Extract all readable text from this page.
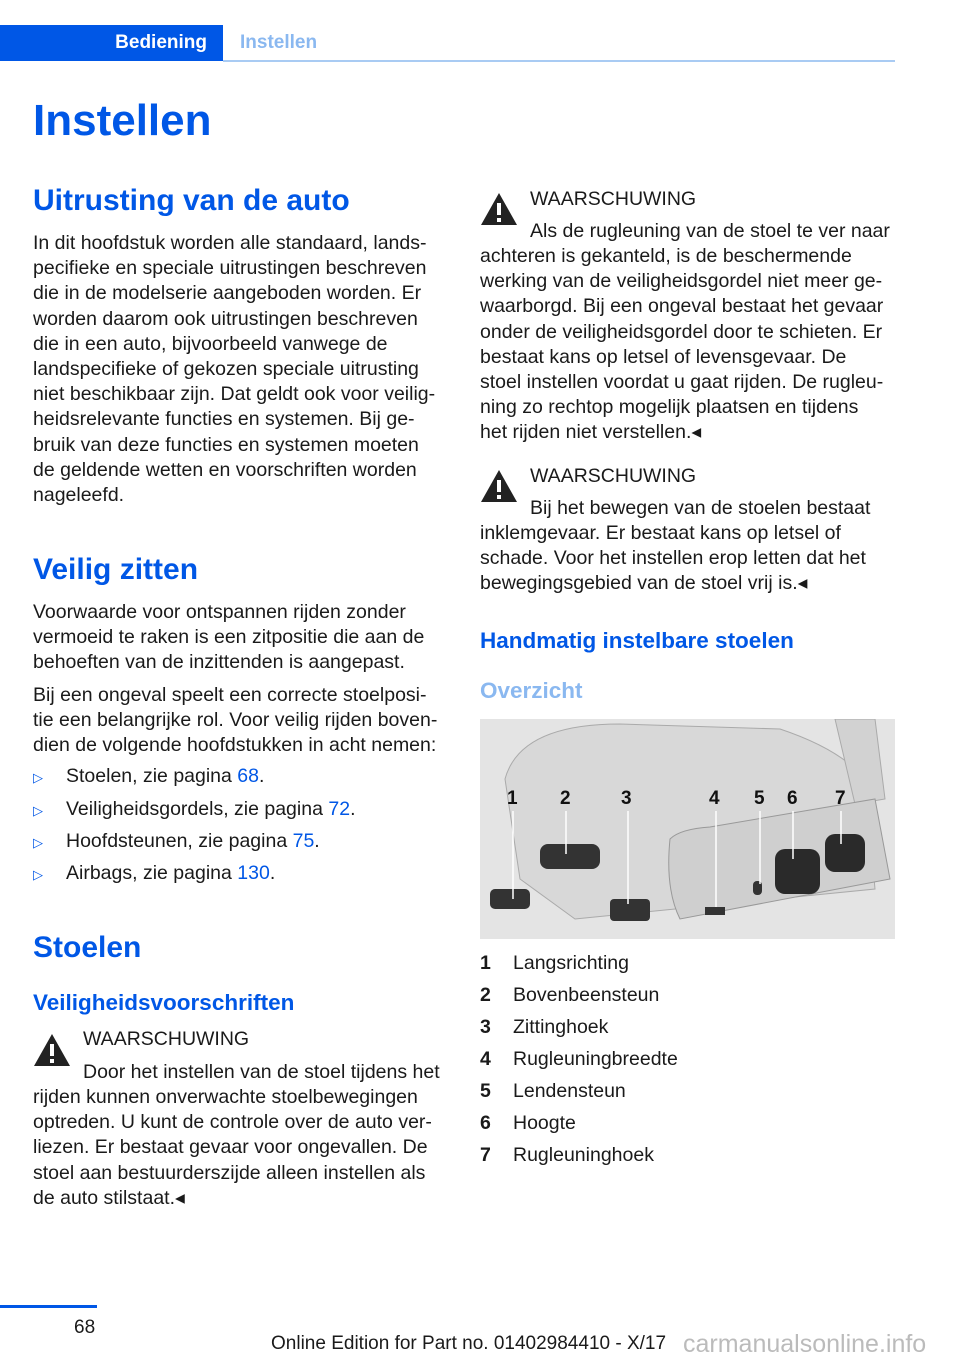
Bediening	Instellen
Instellen
Uitrusting van de auto
In dit hoofdstuk worden alle standaard, lands-
pecifieke en speciale uitrustingen beschreven
die in de modelserie aangeboden worden. Er
worden daarom ook uitrustingen beschreven
die in een auto, bijvoorbeeld vanwege de
landspecifieke of gekozen speciale uitrusting
niet beschikbaar zijn. Dat geldt ook voor veilig-
heidsrelevante functies en systemen. Bij ge-
bruik van deze functies en systemen moeten
de geldende wetten en voorschriften worden
nageleefd.
Veilig zitten
Voorwaarde voor ontspannen rijden zonder
vermoeid te raken is een zitpositie die aan de
behoeften van de inzittenden is aangepast.
Bij een ongeval speelt een correcte stoelposi-
tie een belangrijke rol. Voor veilig rijden boven-
dien de volgende hoofdstukken in acht nemen:
▷ Stoelen, zie pagina 68.
▷ Veiligheidsgordels, zie pagina 72.
▷ Hoofdsteunen, zie pagina 75.
▷ Airbags, zie pagina 130.
Stoelen
Veiligheidsvoorschriften
WAARSCHUWING
Door het instellen van de stoel tijdens het
rijden kunnen onverwachte stoelbewegingen
optreden. U kunt de controle over de auto ver-
liezen. Er bestaat gevaar voor ongevallen. De
stoel aan bestuurderszijde alleen instellen als
de auto stilstaat.◂
WAARSCHUWING
Als de rugleuning van de stoel te ver naar
achteren is gekanteld, is de beschermende
werking van de veiligheidsgordel niet meer ge-
waarborgd. Bij een ongeval bestaat het gevaar
onder de veiligheidsgordel door te schieten. Er
bestaat kans op letsel of levensgevaar. De
stoel instellen voordat u gaat rijden. De rugleu-
ning zo rechtop mogelijk plaatsen en tijdens
het rijden niet verstellen.◂
WAARSCHUWING
Bij het bewegen van de stoelen bestaat
inklemgevaar. Er bestaat kans op letsel of
schade. Voor het instellen erop letten dat het
bewegingsgebied van de stoel vrij is.◂
Handmatig instelbare stoelen
Overzicht
1 2	3	4 5 6 7
1 Langsrichting
2 Bovenbeensteun
3 Zittinghoek
4 Rugleuningbreedte
5 Lendensteun
6 Hoogte
7 Rugleuninghoek
68
Online Edition for Part no. 01402984410 - X/17 carmanualsonline.info
